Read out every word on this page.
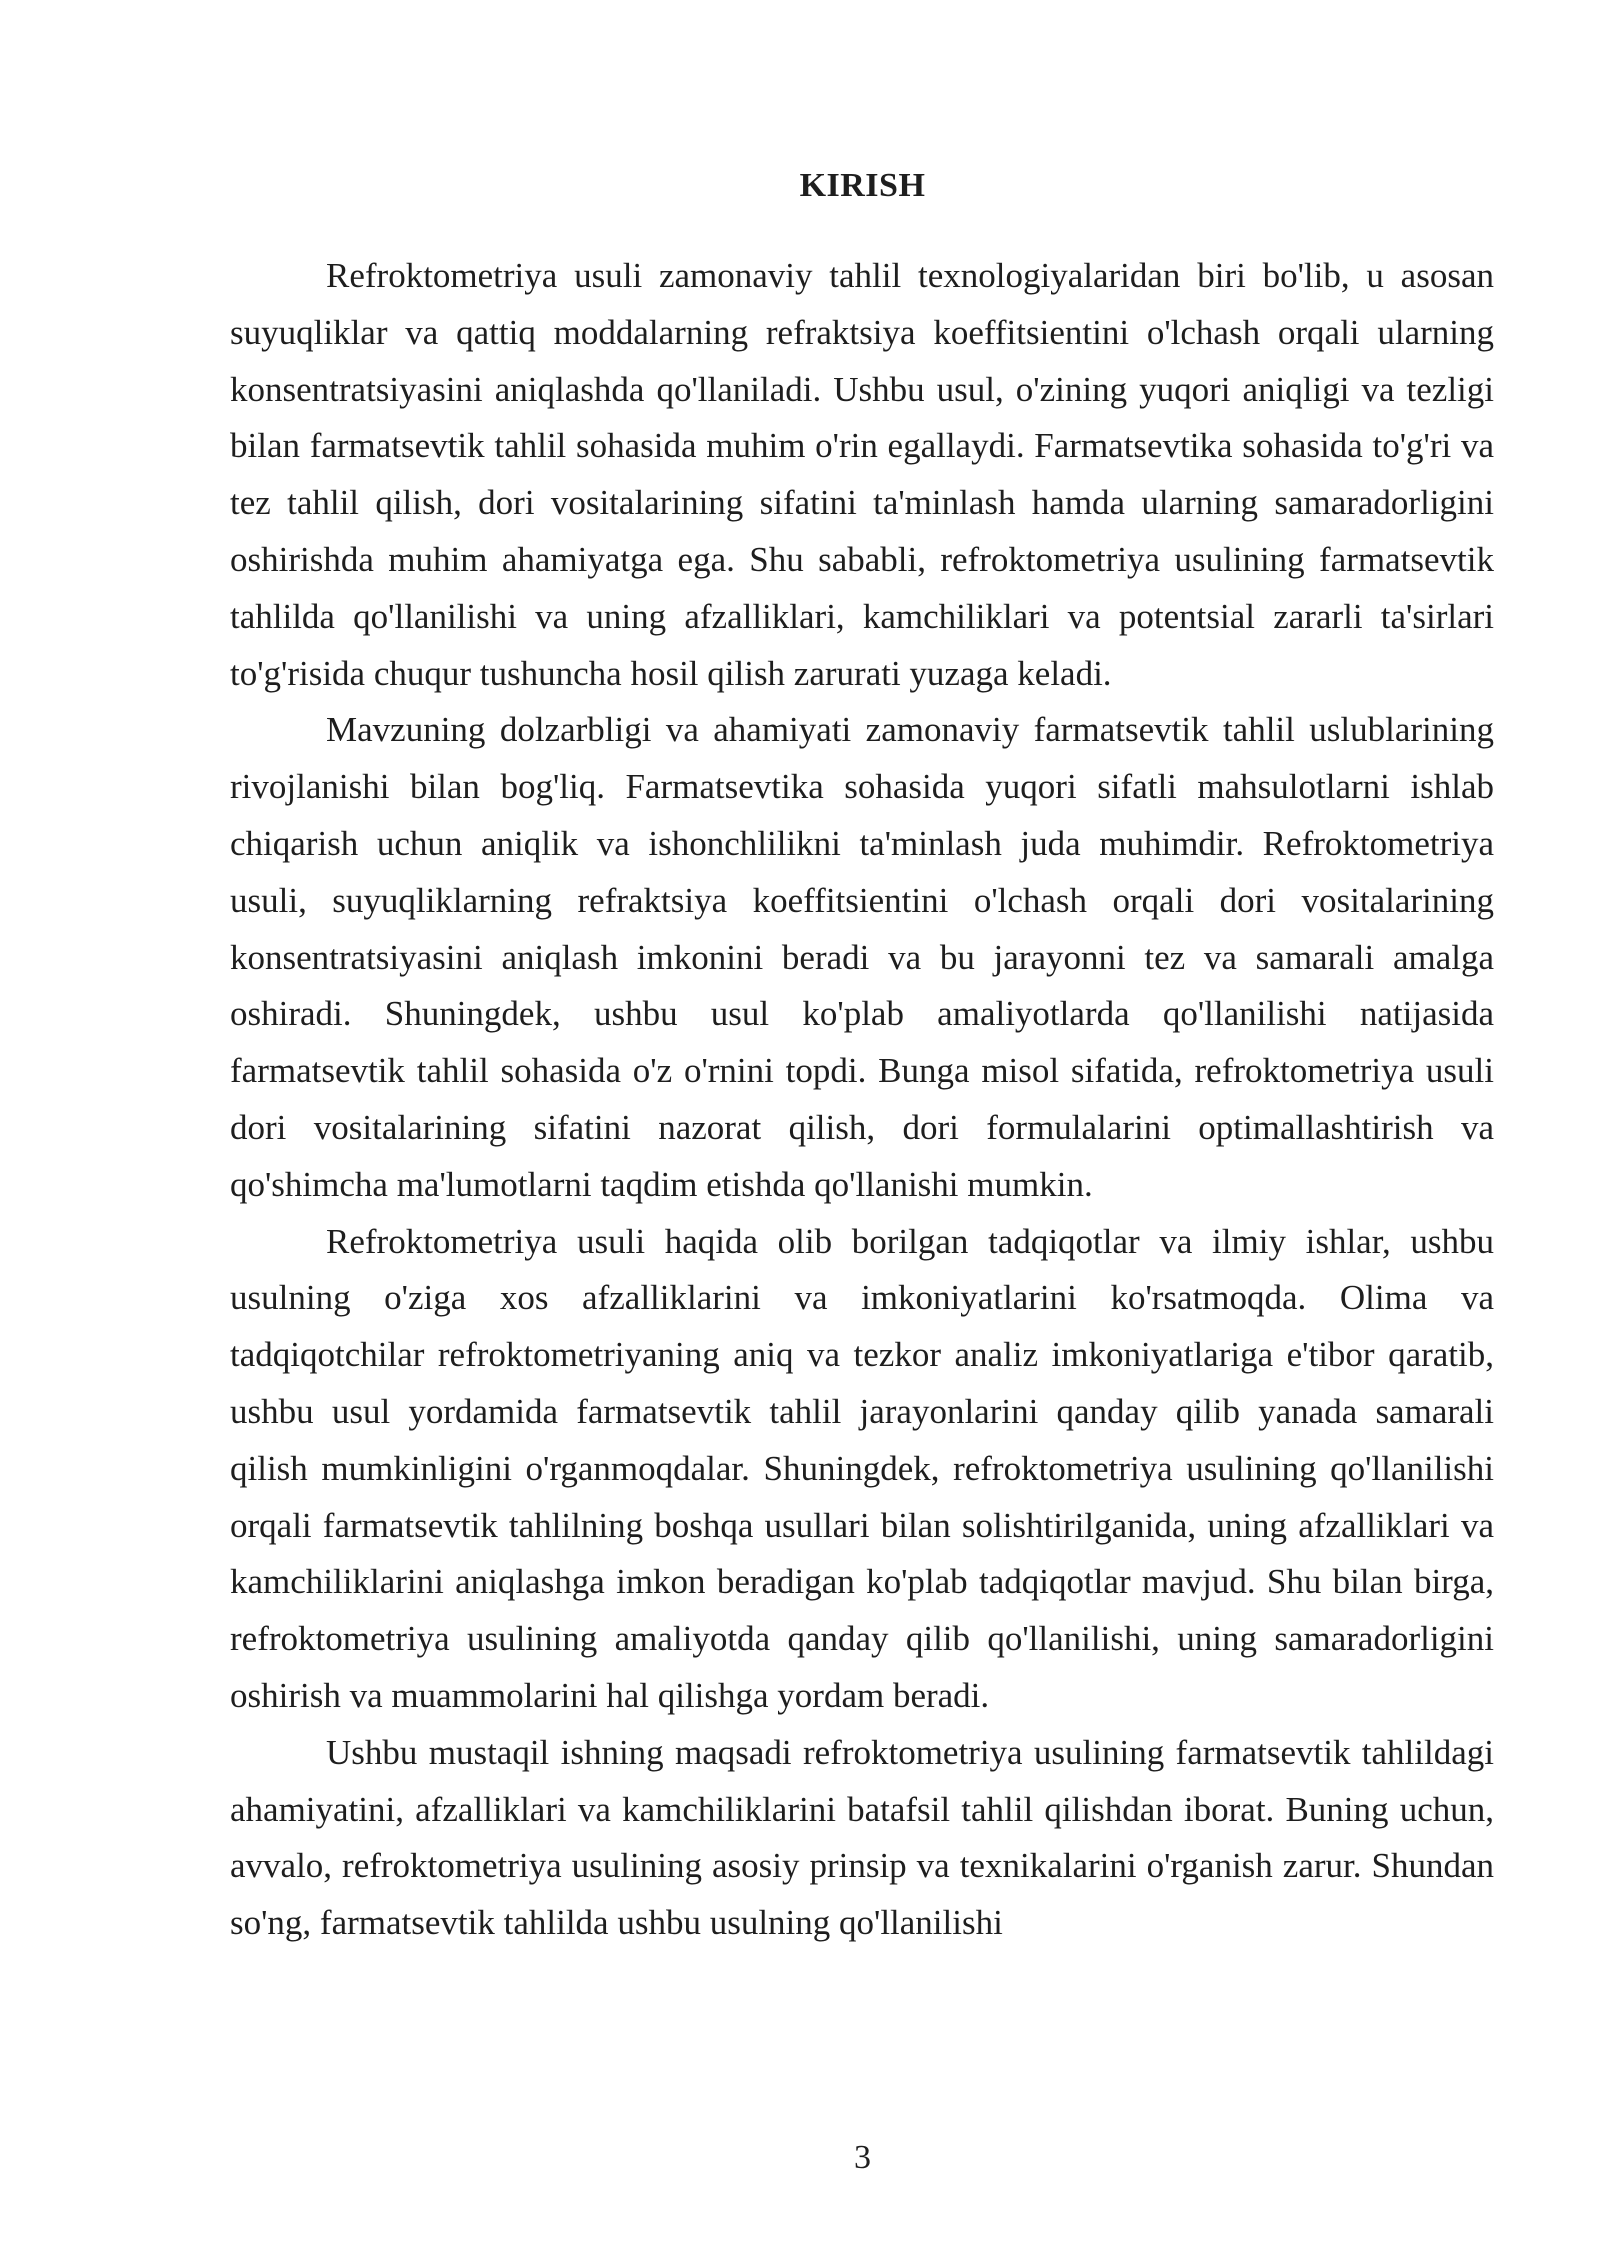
KIRISH

Refroktometriya usuli zamonaviy tahlil texnologiyalaridan biri bo'lib, u asosan suyuqliklar va qattiq moddalarning refraktsiya koeffitsientini o'lchash orqali ularning konsentratsiyasini aniqlashda qo'llaniladi. Ushbu usul, o'zining yuqori aniqligi va tezligi bilan farmatsevtik tahlil sohasida muhim o'rin egallaydi. Farmatsevtika sohasida to'g'ri va tez tahlil qilish, dori vositalarining sifatini ta'minlash hamda ularning samaradorligini oshirishda muhim ahamiyatga ega. Shu sababli, refroktometriya usulining farmatsevtik tahlilda qo'llanilishi va uning afzalliklari, kamchiliklari va potentsial zararli ta'sirlari to'g'risida chuqur tushuncha hosil qilish zarurati yuzaga keladi.

Mavzuning dolzarbligi va ahamiyati zamonaviy farmatsevtik tahlil uslublarining rivojlanishi bilan bog'liq. Farmatsevtika sohasida yuqori sifatli mahsulotlarni ishlab chiqarish uchun aniqlik va ishonchlilikni ta'minlash juda muhimdir. Refroktometriya usuli, suyuqliklarning refraktsiya koeffitsientini o'lchash orqali dori vositalarining konsentratsiyasini aniqlash imkonini beradi va bu jarayonni tez va samarali amalga oshiradi. Shuningdek, ushbu usul ko'plab amaliyotlarda qo'llanilishi natijasida farmatsevtik tahlil sohasida o'z o'rnini topdi. Bunga misol sifatida, refroktometriya usuli dori vositalarining sifatini nazorat qilish, dori formulalarini optimallashtirish va qo'shimcha ma'lumotlarni taqdim etishda qo'llanishi mumkin.

Refroktometriya usuli haqida olib borilgan tadqiqotlar va ilmiy ishlar, ushbu usulning o'ziga xos afzalliklarini va imkoniyatlarini ko'rsatmoqda. Olima va tadqiqotchilar refroktometriyaning aniq va tezkor analiz imkoniyatlariga e'tibor qaratib, ushbu usul yordamida farmatsevtik tahlil jarayonlarini qanday qilib yanada samarali qilish mumkinligini o'rganmoqdalar. Shuningdek, refroktometriya usulining qo'llanilishi orqali farmatsevtik tahlilning boshqa usullari bilan solishtirilganida, uning afzalliklari va kamchiliklarini aniqlashga imkon beradigan ko'plab tadqiqotlar mavjud. Shu bilan birga, refroktometriya usulining amaliyotda qanday qilib qo'llanilishi, uning samaradorligini oshirish va muammolarini hal qilishga yordam beradi.

Ushbu mustaqil ishning maqsadi refroktometriya usulining farmatsevtik tahlildagi ahamiyatini, afzalliklari va kamchiliklarini batafsil tahlil qilishdan iborat. Buning uchun, avvalo, refroktometriya usulining asosiy prinsip va texnikalarini o'rganish zarur. Shundan so'ng, farmatsevtik tahlilda ushbu usulning qo'llanilishi

3
